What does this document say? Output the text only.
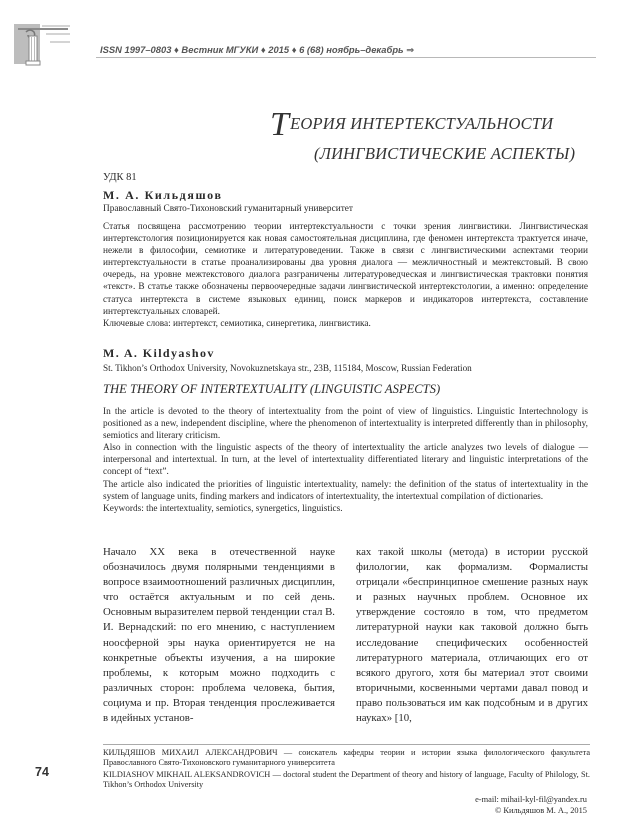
ISSN 1997–0803 ♦ Вестник МГУКИ ♦ 2015 ♦ 6 (68) ноябрь–декабрь ⇒
ТЕОРИЯ ИНТЕРТЕКСТУАЛЬНОСТИ
(ЛИНГВИСТИЧЕСКИЕ АСПЕКТЫ)
УДК 81
М. А. Кильдяшов
Православный Свято-Тихоновский гуманитарный университет

Статья посвящена рассмотрению теории интертекстуальности с точки зрения лингвистики. Лингвистическая интертекстология позиционируется как новая самостоятельная дисциплина, где феномен интертекста трактуется иначе, нежели в философии, семиотике и литературоведении. Также в связи с лингвистическими аспектами теории интертекстуальности в статье проанализированы два уровня диалога — межличностный и межтекстовый. В свою очередь, на уровне межтекстового диалога разграничены литературоведческая и лингвистическая трактовки понятия «текст». В статье также обозначены первоочередные задачи лингвистической интертекстологии, а именно: определение статуса интертекста в системе языковых единиц, поиск маркеров и индикаторов интертекста, составление интертекстуальных словарей.

Ключевые слова: интертекст, семиотика, синергетика, лингвистика.

M. A. Kildyashov
St. Tikhon’s Orthodox University, Novokuznetskaya str., 23B, 115184, Moscow, Russian Federation
THE THEORY OF INTERTEXTUALITY (LINGUISTIC ASPECTS)

In the article is devoted to the theory of intertextuality from the point of view of linguistics. Linguistic Intertechnology is positioned as a new, independent discipline, where the phenomenon of intertextuality is interpreted differently than in philosophy, semiotics and literary criticism.

Also in connection with the linguistic aspects of the theory of intertextuality the article analyzes two levels of dialogue — interpersonal and intertextual. In turn, at the level of intertextuality differentiated literary and linguistic interpretations of the concept of “text”.

The article also indicated the priorities of linguistic intertextuality, namely: the definition of the status of intertextuality in the system of language units, finding markers and indicators of intertextuality, the intertextual compilation of dictionaries.

Keywords: the intertextuality, semiotics, synergetics, linguistics.

Начало XX века в отечественной науке обозначилось двумя полярными тенденциями в вопросе взаимоотношений различных дисциплин, что остаётся актуальным и по сей день. Основным выразителем первой тенденции стал В. И. Вернадский: по его мнению, с наступлением ноосферной эры наука ориентируется не на конкретные объекты изучения, а на широкие проблемы, к которым можно подходить с различных сторон: проблема человека, бытия, социума и пр. Вторая тенденция прослеживается в идейных установ-

ках такой школы (метода) в истории русской филологии, как формализм. Формалисты отрицали «беспринципное смешение разных наук и разных научных проблем. Основное их утверждение состояло в том, что предметом литературной науки как таковой должно быть исследование специфических особенностей литературного материала, отличающих его от всякого другого, хотя бы материал этот своими вторичными, косвенными чертами давал повод и право пользоваться им как подсобным и в других науках» [10,

КИЛЬДЯШОВ МИХАИЛ АЛЕКСАНДРОВИЧ — соискатель кафедры теории и истории языка филологического факультета Православного Свято-Тихоновского гуманитарного университета
KILDIASHOV MIKHAIL ALEKSANDROVICH — doctoral student the Department of theory and history of language, Faculty of Philology, St. Tikhon’s Orthodox University
74
e-mail: mihail-kyl-fil@yandex.ru
© Кильдяшов М. А., 2015
